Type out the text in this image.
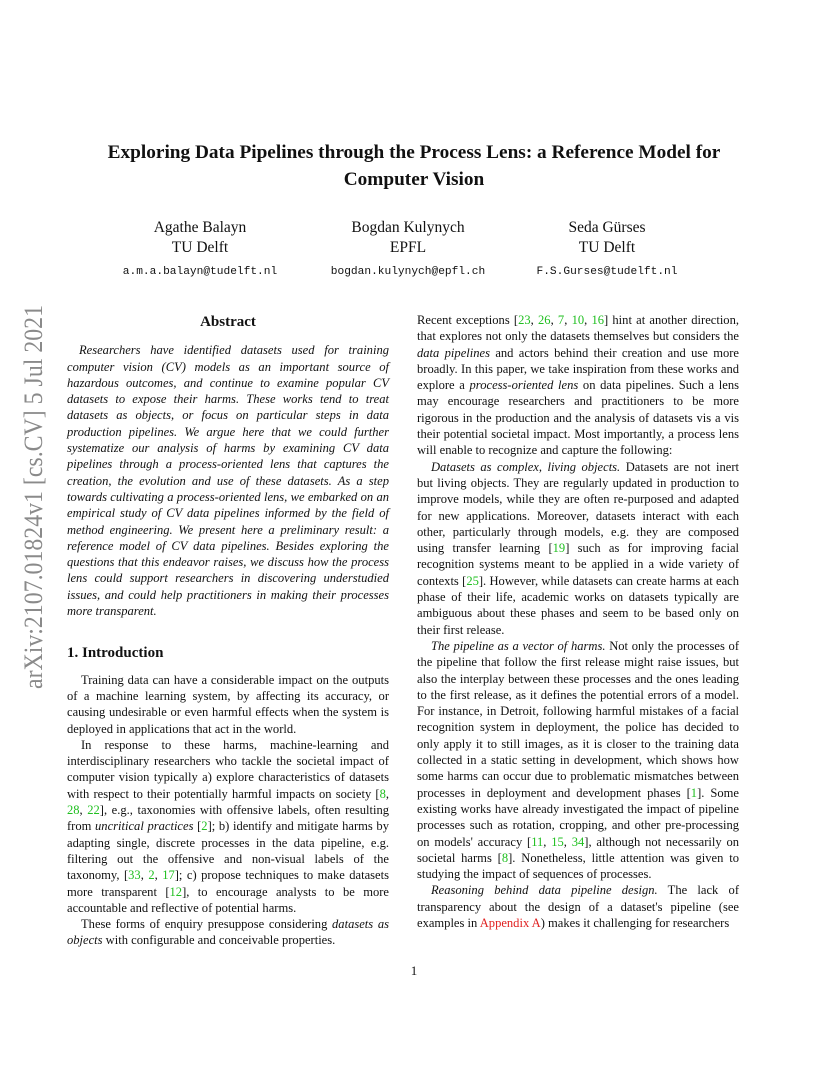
arXiv:2107.01824v1 [cs.CV] 5 Jul 2021
Exploring Data Pipelines through the Process Lens: a Reference Model for
Computer Vision
Agathe Balayn
TU Delft
a.m.a.balayn@tudelft.nl
Bogdan Kulynych
EPFL
bogdan.kulynych@epfl.ch
Seda Gürses
TU Delft
F.S.Gurses@tudelft.nl
Abstract

Researchers have identified datasets used for training computer vision (CV) models as an important source of hazardous outcomes, and continue to examine popular CV datasets to expose their harms. These works tend to treat datasets as objects, or focus on particular steps in data production pipelines. We argue here that we could further systematize our analysis of harms by examining CV data pipelines through a process-oriented lens that captures the creation, the evolution and use of these datasets. As a step towards cultivating a process-oriented lens, we embarked on an empirical study of CV data pipelines informed by the field of method engineering. We present here a preliminary result: a reference model of CV data pipelines. Besides exploring the questions that this endeavor raises, we discuss how the process lens could support researchers in discovering understudied issues, and could help practitioners in making their processes more transparent.

1. Introduction

Training data can have a considerable impact on the outputs of a machine learning system, by affecting its accuracy, or causing undesirable or even harmful effects when the system is deployed in applications that act in the world.

In response to these harms, machine-learning and interdisciplinary researchers who tackle the societal impact of computer vision typically a) explore characteristics of datasets with respect to their potentially harmful impacts on society [8, 28, 22], e.g., taxonomies with offensive labels, often resulting from uncritical practices [2]; b) identify and mitigate harms by adapting single, discrete processes in the data pipeline, e.g. filtering out the offensive and non-visual labels of the taxonomy, [33, 2, 17]; c) propose techniques to make datasets more transparent [12], to encourage analysts to be more accountable and reflective of potential harms.

These forms of enquiry presuppose considering datasets as objects with configurable and conceivable properties.

Recent exceptions [23, 26, 7, 10, 16] hint at another direction, that explores not only the datasets themselves but considers the data pipelines and actors behind their creation and use more broadly. In this paper, we take inspiration from these works and explore a process-oriented lens on data pipelines. Such a lens may encourage researchers and practitioners to be more rigorous in the production and the analysis of datasets vis a vis their potential societal impact. Most importantly, a process lens will enable to recognize and capture the following:

Datasets as complex, living objects. Datasets are not inert but living objects. They are regularly updated in production to improve models, while they are often re-purposed and adapted for new applications. Moreover, datasets interact with each other, particularly through models, e.g. they are composed using transfer learning [19] such as for improving facial recognition systems meant to be applied in a wide variety of contexts [25]. However, while datasets can create harms at each phase of their life, academic works on datasets typically are ambiguous about these phases and seem to be based only on their first release.

The pipeline as a vector of harms. Not only the processes of the pipeline that follow the first release might raise issues, but also the interplay between these processes and the ones leading to the first release, as it defines the potential errors of a model. For instance, in Detroit, following harmful mistakes of a facial recognition system in deployment, the police has decided to only apply it to still images, as it is closer to the training data collected in a static setting in development, which shows how some harms can occur due to problematic mismatches between processes in deployment and development phases [1]. Some existing works have already investigated the impact of pipeline processes such as rotation, cropping, and other pre-processing on models' accuracy [11, 15, 34], although not necessarily on societal harms [8]. Nonetheless, little attention was given to studying the impact of sequences of processes.

Reasoning behind data pipeline design. The lack of transparency about the design of a dataset's pipeline (see examples in Appendix A) makes it challenging for researchers

1
